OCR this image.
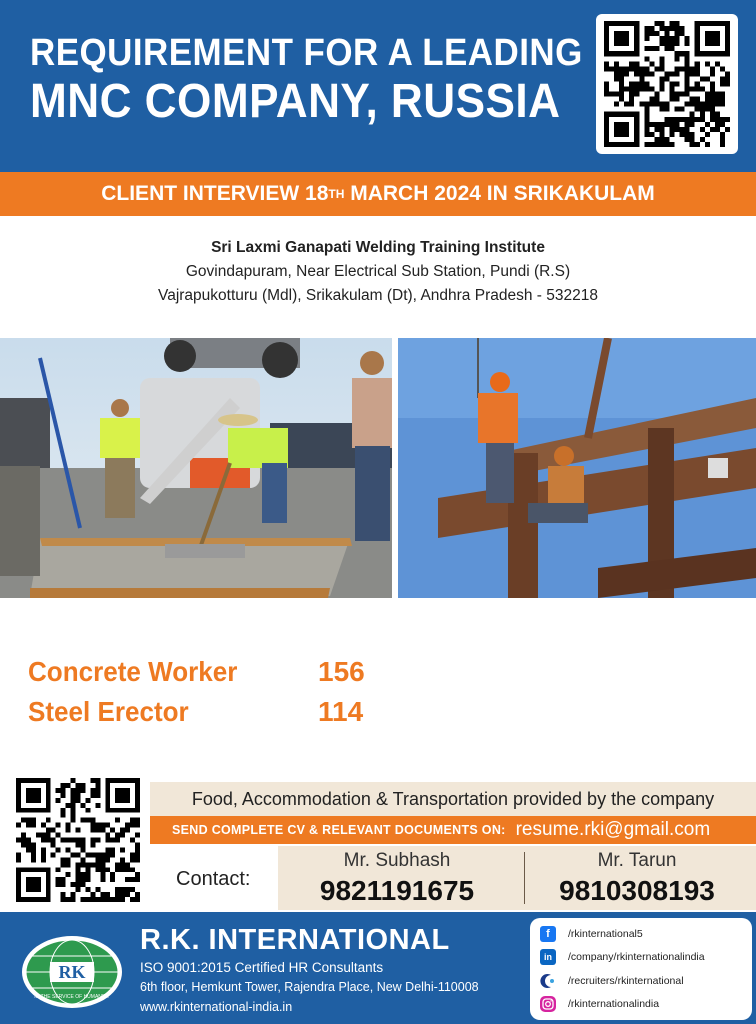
REQUIREMENT FOR A LEADING
MNC COMPANY, RUSSIA
CLIENT INTERVIEW 18 TH MARCH 2024 IN SRIKAKULAM
Sri Laxmi Ganapati Welding Training Institute
Govindapuram, Near Electrical Sub Station, Pundi (R.S)
Vajrapukotturu (Mdl), Srikakulam (Dt), Andhra Pradesh - 532218
Concrete Worker	156
Steel Erector	114
Food, Accommodation & Transportation provided by the company
SEND COMPLETE CV & RELEVANT DOCUMENTS ON: resume.rki@gmail.com
Contact:
Mr. Subhash
9821191675
Mr. Tarun
9810308193
RK
IN THE SERVICE OF HUMANITY
R.K. INTERNATIONAL
ISO 9001:2015 Certified HR Consultants
6th floor, Hemkunt Tower, Rajendra Place, New Delhi-110008
www.rkinternational-india.in
f	/rkinternational5
in	/company/rkinternationalindia
/recruiters/rkinternational
/rkinternationalindia
